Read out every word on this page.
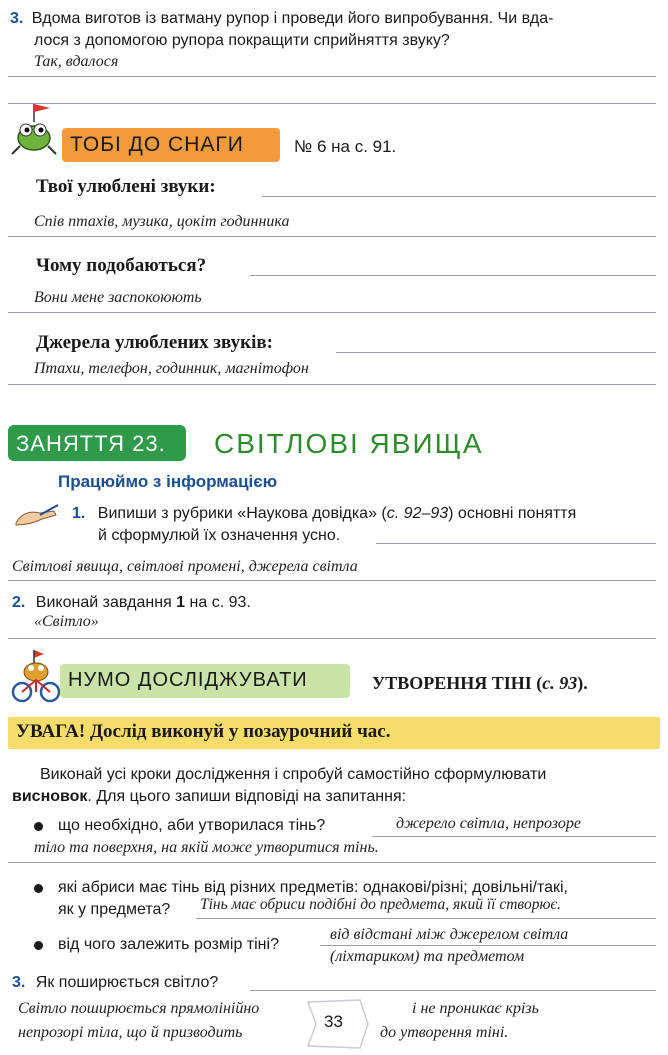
3. Вдома виготов із ватману рупор і проведи його випробування. Чи вда-
лося з допомогою рупора покращити сприйняття звуку?
Так, вдалося
ТОБІ ДО СНАГИ	№ 6 на с. 91.
Твої улюблені звуки:
Спів птахів, музика, цокіт годинника
Чому подобаються?
Вони мене заспокоюють
Джерела улюблених звуків:
Птахи, телефон, годинник, магнітофон
ЗАНЯТТЯ 23. СВІТЛОВІ ЯВИЩА
Працюймо з інформацією
1. Випиши з рубрики «Наукова довідка» (с. 92–93) основні поняття
й сформулюй їх означення усно.
Світлові явища, світлові промені, джерела світла
2. Виконай завдання 1 на с. 93.
«Світло»
НУМО ДОСЛІДЖУВАТИ	УТВОРЕННЯ ТІНІ (с. 93).
УВАГА! Дослід виконуй у позаурочний час.
Виконай усі кроки дослідження і спробуй самостійно сформулювати
висновок. Для цього запиши відповіді на запитання:
що необхідно, аби утворилася тінь?	джерело світла, непрозоре
тіло та поверхня, на якій може утворитися тінь.
які абриси має тінь від різних предметів: однакові/різні; довільні/такі,
як у предмета? Тінь має обриси подібні до предмета, який її створює.
від чого залежить розмір тіні?
від відстані між джерелом світла
(ліхтариком) та предметом
3. Як поширюється світло?
Світло поширюється прямолінійно	і не проникає крізь
непрозорі тіла, що й призводить	до утворення тіні.
33
